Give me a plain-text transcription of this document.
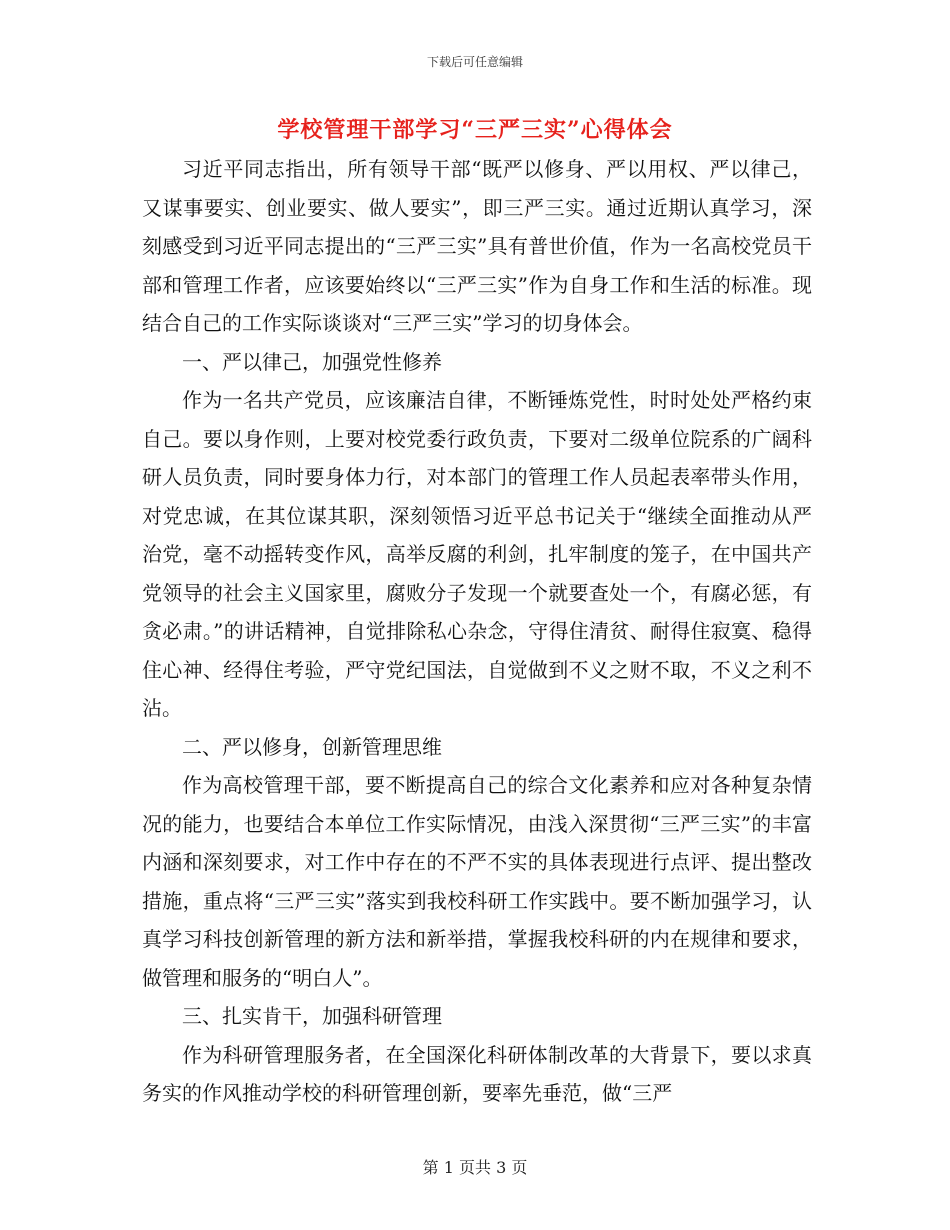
下载后可任意编辑
学校管理干部学习“三严三实”心得体会

习近平同志指出，所有领导干部“既严以修身、严以用权、严以律己，又谋事要实、创业要实、做人要实”，即三严三实。通过近期认真学习，深刻感受到习近平同志提出的“三严三实”具有普世价值，作为一名高校党员干部和管理工作者，应该要始终以“三严三实”作为自身工作和生活的标准。现结合自己的工作实际谈谈对“三严三实”学习的切身体会。

一、严以律己，加强党性修养

作为一名共产党员，应该廉洁自律，不断锤炼党性，时时处处严格约束自己。要以身作则，上要对校党委行政负责，下要对二级单位院系的广阔科研人员负责，同时要身体力行，对本部门的管理工作人员起表率带头作用，对党忠诚，在其位谋其职，深刻领悟习近平总书记关于“继续全面推动从严治党，毫不动摇转变作风，高举反腐的利剑，扎牢制度的笼子，在中国共产党领导的社会主义国家里，腐败分子发现一个就要查处一个，有腐必惩，有贪必肃。”的讲话精神，自觉排除私心杂念，守得住清贫、耐得住寂寞、稳得住心神、经得住考验，严守党纪国法，自觉做到不义之财不取，不义之利不沾。

二、严以修身，创新管理思维

作为高校管理干部，要不断提高自己的综合文化素养和应对各种复杂情况的能力，也要结合本单位工作实际情况，由浅入深贯彻“三严三实”的丰富内涵和深刻要求，对工作中存在的不严不实的具体表现进行点评、提出整改措施，重点将“三严三实”落实到我校科研工作实践中。要不断加强学习，认真学习科技创新管理的新方法和新举措，掌握我校科研的内在规律和要求，做管理和服务的“明白人”。

三、扎实肯干，加强科研管理

作为科研管理服务者，在全国深化科研体制改革的大背景下，要以求真务实的作风推动学校的科研管理创新，要率先垂范，做“三严

第 1 页共 3 页
